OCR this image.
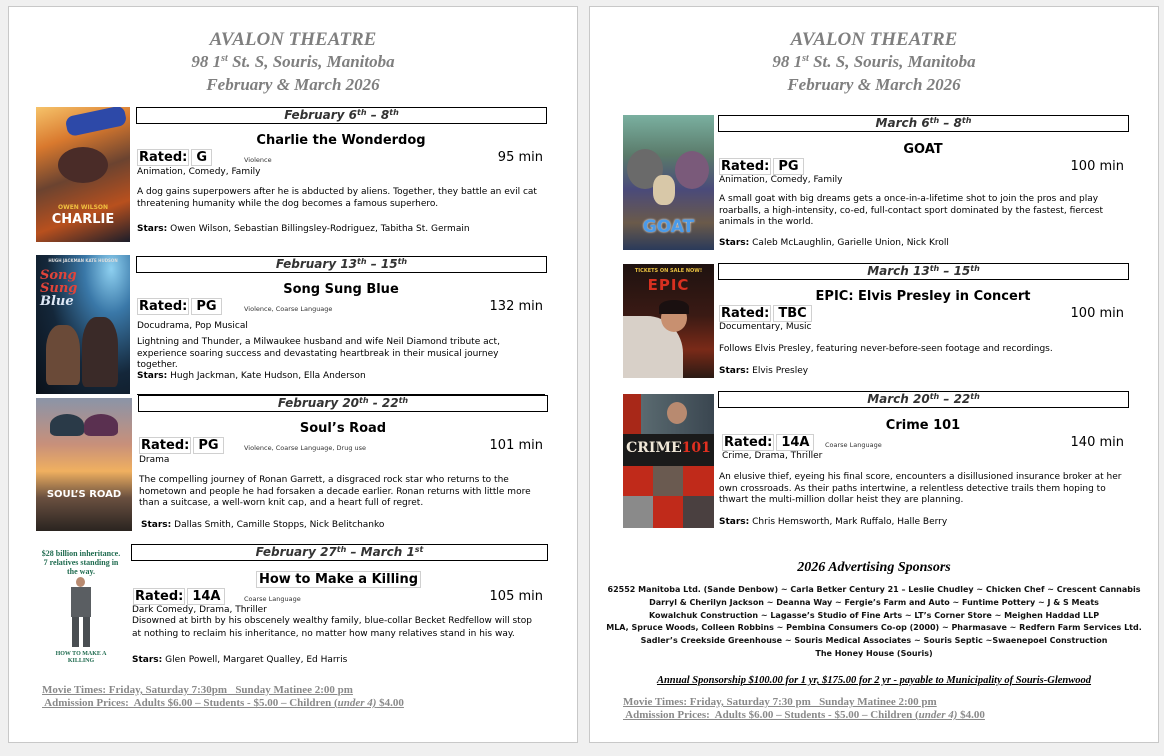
AVALON THEATRE
98 1st St. S, Souris, Manitoba
February & March 2026
OWEN WILSON
CHARLIE
February 6th – 8th
Charlie the Wonderdog
Rated: G	Violence	95 min
Animation, Comedy, Family
A dog gains superpowers after he is abducted by aliens. Together, they battle an evil cat threatening humanity while the dog becomes a famous superhero.
Stars: Owen Wilson, Sebastian Billingsley-Rodriguez, Tabitha St. Germain
HUGH JACKMAN KATE HUDSON
Song
Sung
Blue
February 13th – 15th
Song Sung Blue
Rated: PG	Violence, Coarse Language	132 min
Docudrama, Pop Musical
Lightning and Thunder, a Milwaukee husband and wife Neil Diamond tribute act, experience soaring success and devastating heartbreak in their musical journey together.
Stars: Hugh Jackman, Kate Hudson, Ella Anderson
SOUL’S ROAD
February 20th - 22th
Soul’s Road
Rated: PG	Violence, Coarse Language, Drug use	101 min
Drama
The compelling journey of Ronan Garrett, a disgraced rock star who returns to the hometown and people he had forsaken a decade earlier. Ronan returns with little more than a suitcase, a well-worn knit cap, and a heart full of regret.
Stars: Dallas Smith, Camille Stopps, Nick Belitchanko
$28 billion inheritance. 7 relatives standing in the way.
HOW TO MAKE A KILLING
February 27th – March 1st
How to Make a Killing
Rated: 14A	Coarse Language	105 min
Dark Comedy, Drama, Thriller
Disowned at birth by his obscenely wealthy family, blue-collar Becket Redfellow will stop at nothing to reclaim his inheritance, no matter how many relatives stand in his way.
Stars: Glen Powell, Margaret Qualley, Ed Harris
Movie Times: Friday, Saturday 7:30pm   Sunday Matinee 2:00 pm
Admission Prices:  Adults $6.00 – Students - $5.00 – Children (under 4) $4.00
AVALON THEATRE
98 1st St. S, Souris, Manitoba
February & March 2026
GOAT
March 6th – 8th
GOAT
Rated: PG	100 min
Animation, Comedy, Family
A small goat with big dreams gets a once-in-a-lifetime shot to join the pros and play roarballs, a high-intensity, co-ed, full-contact sport dominated by the fastest, fiercest animals in the world.
Stars: Caleb McLaughlin, Garielle Union, Nick Kroll
TICKETS ON SALE NOW!
EPIC
March 13th – 15th
EPIC: Elvis Presley in Concert
Rated: TBC	100 min
Documentary, Music
Follows Elvis Presley, featuring never-before-seen footage and recordings.
Stars: Elvis Presley
CRIME101
March 20th – 22th
Crime 101
Rated: 14A	Coarse Language	140 min
Crime, Drama, Thriller
An elusive thief, eyeing his final score, encounters a disillusioned insurance broker at her own crossroads. As their paths intertwine, a relentless detective trails them hoping to thwart the multi-million dollar heist they are planning.
Stars: Chris Hemsworth, Mark Ruffalo, Halle Berry
2026 Advertising Sponsors
62552 Manitoba Ltd. (Sande Denbow) ~ Carla Betker Century 21 – Leslie Chudley ~ Chicken Chef ~ Crescent Cannabis
Darryl & Cherilyn Jackson ~ Deanna Way ~ Fergie’s Farm and Auto ~ Funtime Pottery ~ J & S Meats
Kowalchuk Construction ~ Lagasse’s Studio of Fine Arts ~ LT’s Corner Store ~ Meighen Haddad LLP
MLA, Spruce Woods, Colleen Robbins ~ Pembina Consumers Co-op (2000) ~ Pharmasave ~ Redfern Farm Services Ltd.
Sadler’s Creekside Greenhouse ~ Souris Medical Associates ~ Souris Septic ~Swaenepoel Construction
The Honey House (Souris)
Annual Sponsorship $100.00 for 1 yr, $175.00 for 2 yr - payable to Municipality of Souris-Glenwood
Movie Times: Friday, Saturday 7:30 pm   Sunday Matinee 2:00 pm
Admission Prices:  Adults $6.00 – Students - $5.00 – Children (under 4) $4.00
